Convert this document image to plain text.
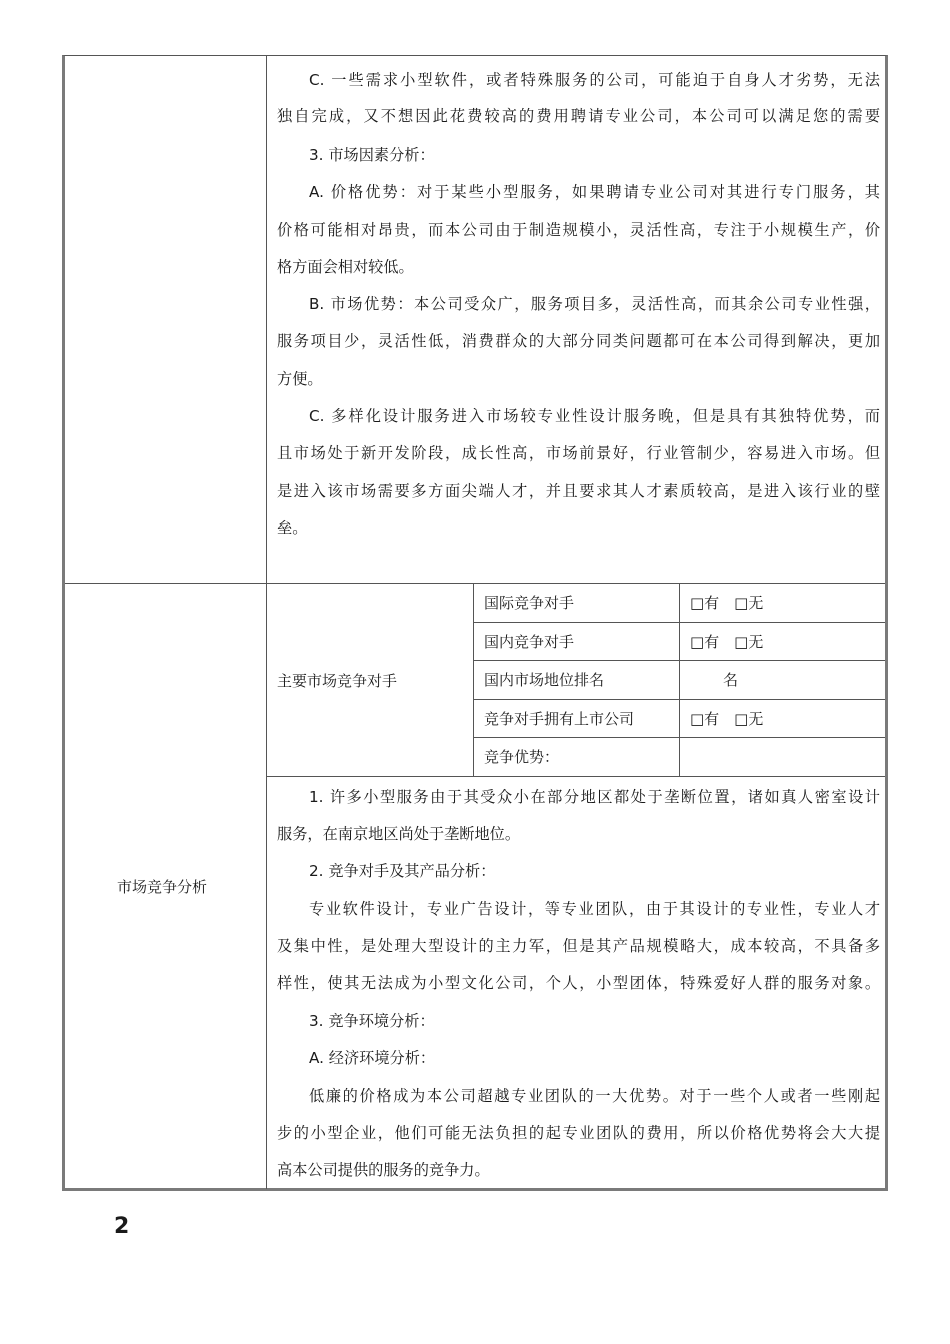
C. 一些需求小型软件，或者特殊服务的公司，可能迫于自身人才劣势，无法
独自完成，又不想因此花费较高的费用聘请专业公司，本公司可以满足您的需要
3. 市场因素分析：
A. 价格优势：对于某些小型服务，如果聘请专业公司对其进行专门服务，其
价格可能相对昂贵，而本公司由于制造规模小，灵活性高，专注于小规模生产，价
格方面会相对较低。
B. 市场优势：本公司受众广，服务项目多，灵活性高，而其余公司专业性强，
服务项目少，灵活性低，消费群众的大部分同类问题都可在本公司得到解决，更加
方便。
C. 多样化设计服务进入市场较专业性设计服务晚，但是具有其独特优势，而
且市场处于新开发阶段，成长性高，市场前景好，行业管制少，容易进入市场。但
是进入该市场需要多方面尖端人才，并且要求其人才素质较高，是进入该行业的壁
垒。
市场竞争分析
主要市场竞争对手
国际竞争对手	□有　□无
国内竞争对手	□有　□无
国内市场地位排名	名
竞争对手拥有上市公司	□有　□无
竞争优势：
1. 许多小型服务由于其受众小在部分地区都处于垄断位置，诸如真人密室设计
服务，在南京地区尚处于垄断地位。
2. 竞争对手及其产品分析：
专业软件设计，专业广告设计，等专业团队，由于其设计的专业性，专业人才
及集中性，是处理大型设计的主力军，但是其产品规模略大，成本较高，不具备多
样性，使其无法成为小型文化公司，个人，小型团体，特殊爱好人群的服务对象。
3. 竞争环境分析：
A. 经济环境分析：
低廉的价格成为本公司超越专业团队的一大优势。对于一些个人或者一些刚起
步的小型企业，他们可能无法负担的起专业团队的费用，所以价格优势将会大大提
高本公司提供的服务的竞争力。
2
